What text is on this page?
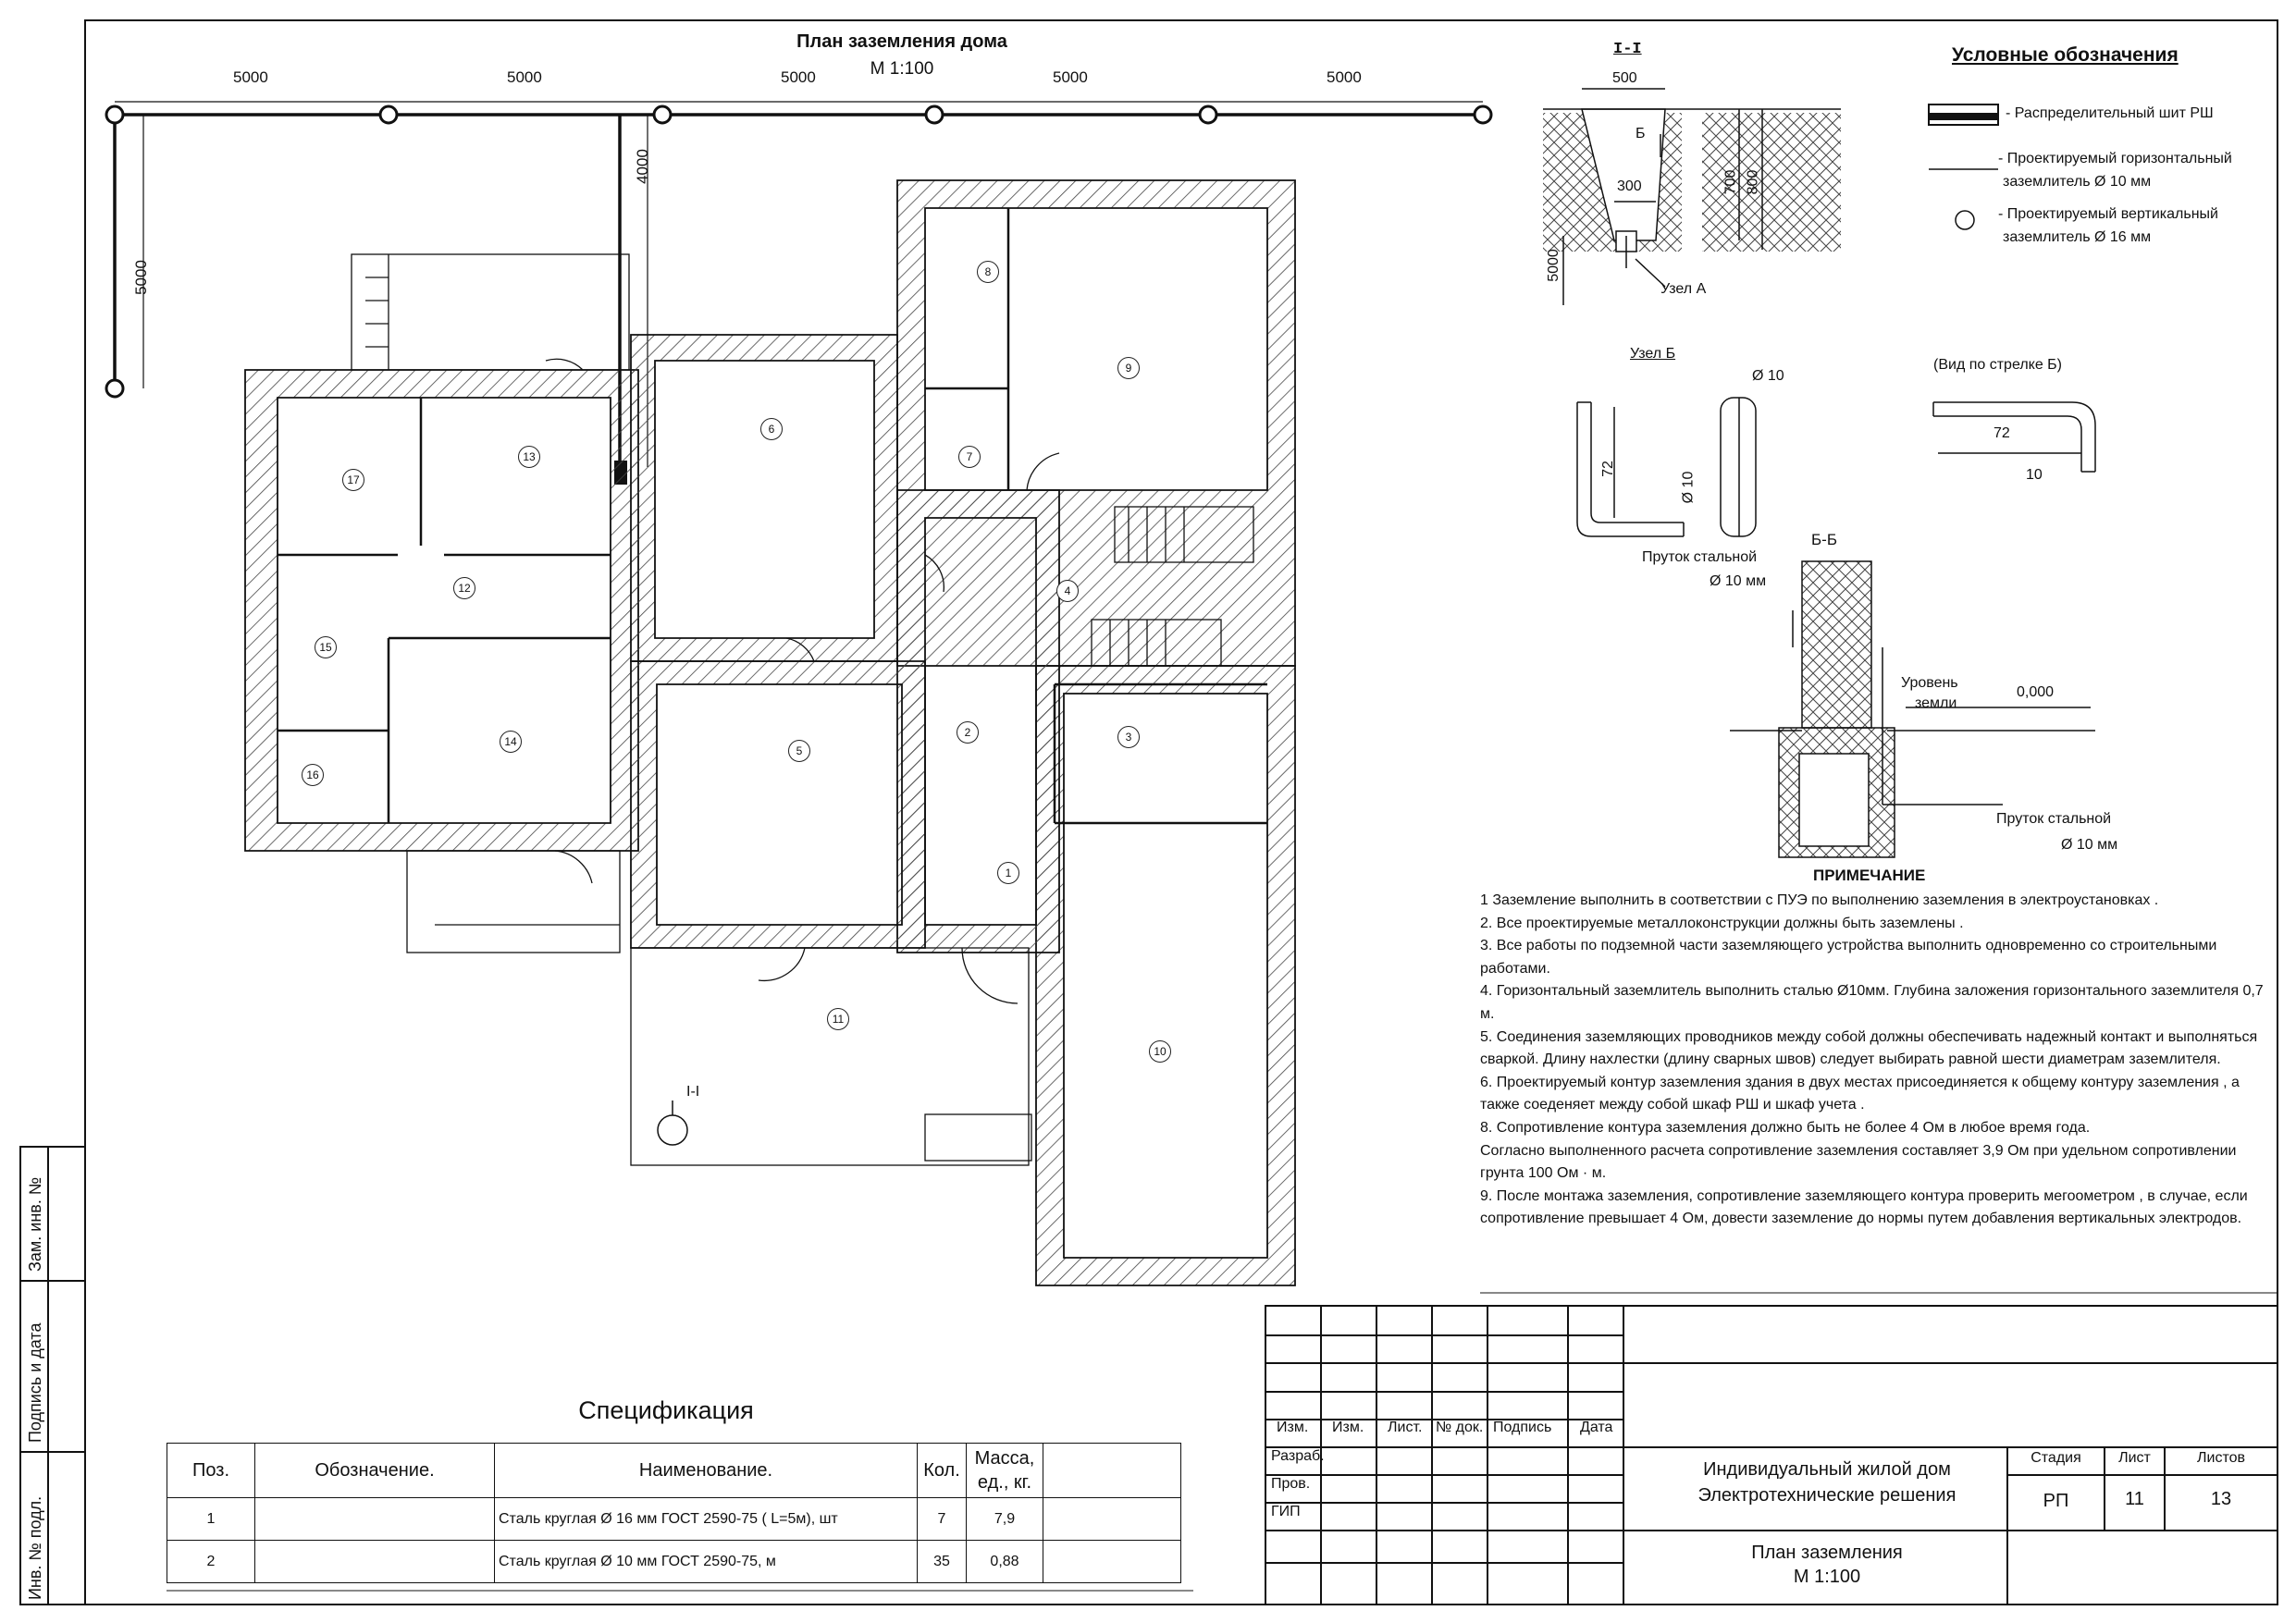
План заземления дома
М 1:100
5000	5000	5000	5000	5000
5000
4000
1
2	3
4
5
6
7
8
9
10
11
12
13
14
15
16
17
I-I
I-I
500
300	700 800
5000
Б
Узел А
Узел Б
72
Ø 10
Ø 10
Пруток стальной
Ø 10 мм
(Вид по стрелке Б)
72
10
Б-Б
Уровень
земли
0,000
Пруток стальной
Ø 10 мм
Условные обозначения
- Распределительный шит РШ
- Проектируемый горизонтальный
заземлитель Ø 10 мм
- Проектируемый вертикальный
заземлитель Ø 16 мм
ПРИМЕЧАНИЕ
1 Заземление выполнить в соответствии с ПУЭ по выполнению заземления в электроустановках .
2. Все проектируемые металлоконструкции должны быть заземлены .
3. Все работы по подземной части заземляющего устройства выполнить одновременно со строительными работами.
4. Горизонтальный заземлитель выполнить сталью Ø10мм. Глубина заложения горизонтального заземлителя 0,7 м.
5. Соединения заземляющих проводников между собой должны обеспечивать надежный контакт и выполняться сваркой. Длину нахлестки (длину сварных швов) следует выбирать равной шести диаметрам заземлителя.
6. Проектируемый контур заземления здания в двух местах присоединяется к общему контуру заземления , а также соеденяет между собой шкаф РШ и шкаф учета .
8. Сопротивление контура заземления должно быть не более 4 Ом в любое время года.
Согласно выполненного расчета сопротивление заземления составляет 3,9 Ом при удельном сопротивлении грунта 100 Ом · м.
9. После монтажа заземления, сопротивление заземляющего контура проверить мегоометром , в случае, если сопротивление превышает 4 Ом, довести заземление до нормы путем добавления вертикальных электродов.
Спецификация
Поз.	Обозначение.	Наименование.	Кол.	Масса, ед., кг.	
1		Сталь круглая Ø 16 мм ГОСТ 2590-75 ( L=5м), шт	7	7,9	
2		Сталь круглая Ø 10 мм ГОСТ 2590-75, м	35	0,88	
Изм. Изм. Лист. № док. Подпись Дата
Разраб.
Пров.
ГИП
Индивидуальный жилой дом
Электротехнические решения
План заземления
М 1:100
Стадия	Лист	Листов
РП	11	13
Инв. № подл.
Подпись и дата
Зам. инв. №
